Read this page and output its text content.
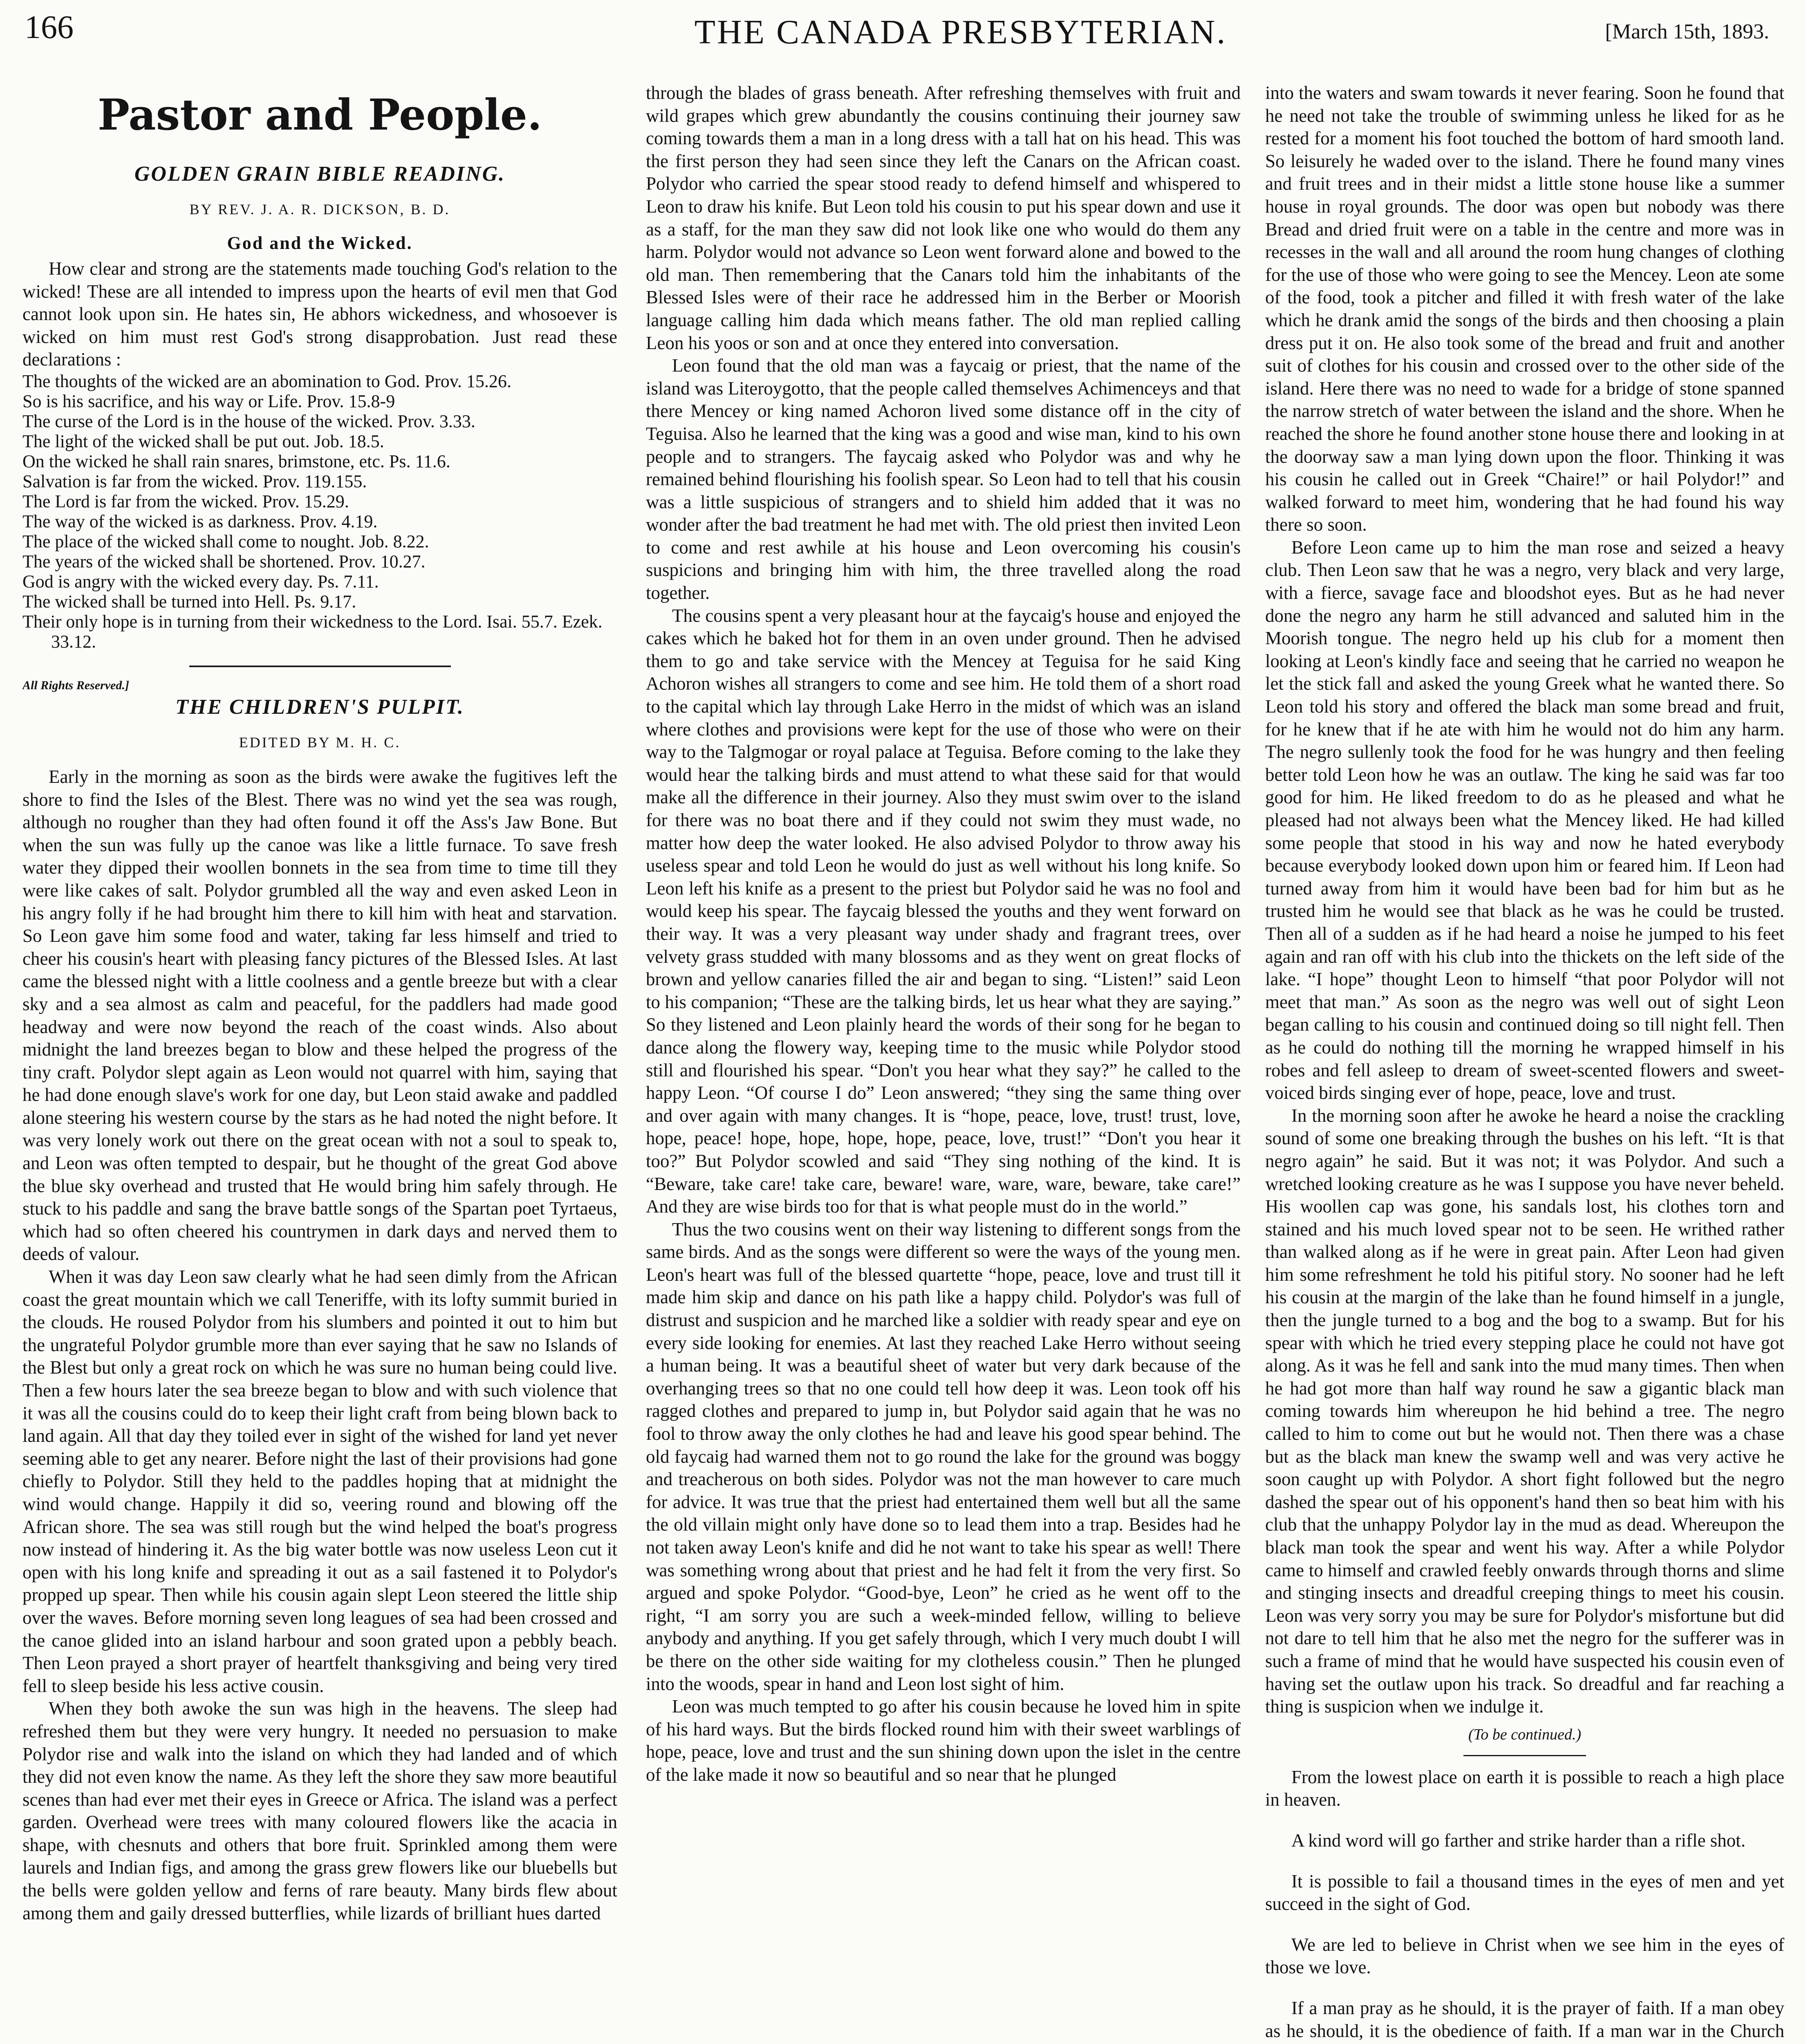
166	THE CANADA PRESBYTERIAN.	[March 15th, 1893.
Pastor and People.
GOLDEN GRAIN BIBLE READING.
BY REV. J. A. R. DICKSON, B. D.
God and the Wicked.

How clear and strong are the statements made touching God's relation to the wicked! These are all intended to impress upon the hearts of evil men that God cannot look upon sin. He hates sin, He abhors wickedness, and whosoever is wicked on him must rest God's strong disapprobation. Just read these declarations :

The thoughts of the wicked are an abomination to God. Prov. 15.26.
So is his sacrifice, and his way or Life. Prov. 15.8-9
The curse of the Lord is in the house of the wicked. Prov. 3.33.
The light of the wicked shall be put out. Job. 18.5.
On the wicked he shall rain snares, brimstone, etc. Ps. 11.6.
Salvation is far from the wicked. Prov. 119.155.
The Lord is far from the wicked. Prov. 15.29.
The way of the wicked is as darkness. Prov. 4.19.
The place of the wicked shall come to nought. Job. 8.22.
The years of the wicked shall be shortened. Prov. 10.27.
God is angry with the wicked every day. Ps. 7.11.
The wicked shall be turned into Hell. Ps. 9.17.
Their only hope is in turning from their wickedness to the Lord. Isai. 55.7. Ezek. 33.12.
All Rights Reserved.]
THE CHILDREN'S PULPIT.
EDITED BY M. H. C.

Early in the morning as soon as the birds were awake the fugitives left the shore to find the Isles of the Blest. There was no wind yet the sea was rough, although no rougher than they had often found it off the Ass's Jaw Bone. But when the sun was fully up the canoe was like a little furnace. To save fresh water they dipped their woollen bonnets in the sea from time to time till they were like cakes of salt. Polydor grumbled all the way and even asked Leon in his angry folly if he had brought him there to kill him with heat and starvation. So Leon gave him some food and water, taking far less himself and tried to cheer his cousin's heart with pleasing fancy pictures of the Blessed Isles. At last came the blessed night with a little coolness and a gentle breeze but with a clear sky and a sea almost as calm and peaceful, for the paddlers had made good headway and were now beyond the reach of the coast winds. Also about midnight the land breezes began to blow and these helped the progress of the tiny craft. Polydor slept again as Leon would not quarrel with him, saying that he had done enough slave's work for one day, but Leon staid awake and paddled alone steering his western course by the stars as he had noted the night before. It was very lonely work out there on the great ocean with not a soul to speak to, and Leon was often tempted to despair, but he thought of the great God above the blue sky overhead and trusted that He would bring him safely through. He stuck to his paddle and sang the brave battle songs of the Spartan poet Tyrtaeus, which had so often cheered his countrymen in dark days and nerved them to deeds of valour.

When it was day Leon saw clearly what he had seen dimly from the African coast the great mountain which we call Teneriffe, with its lofty summit buried in the clouds. He roused Polydor from his slumbers and pointed it out to him but the ungrateful Polydor grumble more than ever saying that he saw no Islands of the Blest but only a great rock on which he was sure no human being could live. Then a few hours later the sea breeze began to blow and with such violence that it was all the cousins could do to keep their light craft from being blown back to land again. All that day they toiled ever in sight of the wished for land yet never seeming able to get any nearer. Before night the last of their provisions had gone chiefly to Polydor. Still they held to the paddles hoping that at midnight the wind would change. Happily it did so, veering round and blowing off the African shore. The sea was still rough but the wind helped the boat's progress now instead of hindering it. As the big water bottle was now useless Leon cut it open with his long knife and spreading it out as a sail fastened it to Polydor's propped up spear. Then while his cousin again slept Leon steered the little ship over the waves. Before morning seven long leagues of sea had been crossed and the canoe glided into an island harbour and soon grated upon a pebbly beach. Then Leon prayed a short prayer of heartfelt thanksgiving and being very tired fell to sleep beside his less active cousin.

When they both awoke the sun was high in the heavens. The sleep had refreshed them but they were very hungry. It needed no persuasion to make Polydor rise and walk into the island on which they had landed and of which they did not even know the name. As they left the shore they saw more beautiful scenes than had ever met their eyes in Greece or Africa. The island was a perfect garden. Overhead were trees with many coloured flowers like the acacia in shape, with chesnuts and others that bore fruit. Sprinkled among them were laurels and Indian figs, and among the grass grew flowers like our bluebells but the bells were golden yellow and ferns of rare beauty. Many birds flew about among them and gaily dressed butterflies, while lizards of brilliant hues darted

through the blades of grass beneath. After refreshing themselves with fruit and wild grapes which grew abundantly the cousins continuing their journey saw coming towards them a man in a long dress with a tall hat on his head. This was the first person they had seen since they left the Canars on the African coast. Polydor who carried the spear stood ready to defend himself and whispered to Leon to draw his knife. But Leon told his cousin to put his spear down and use it as a staff, for the man they saw did not look like one who would do them any harm. Polydor would not advance so Leon went forward alone and bowed to the old man. Then remembering that the Canars told him the inhabitants of the Blessed Isles were of their race he addressed him in the Berber or Moorish language calling him dada which means father. The old man replied calling Leon his yoos or son and at once they entered into conversation.

Leon found that the old man was a faycaig or priest, that the name of the island was Literoygotto, that the people called themselves Achimenceys and that there Mencey or king named Achoron lived some distance off in the city of Teguisa. Also he learned that the king was a good and wise man, kind to his own people and to strangers. The faycaig asked who Polydor was and why he remained behind flourishing his foolish spear. So Leon had to tell that his cousin was a little suspicious of strangers and to shield him added that it was no wonder after the bad treatment he had met with. The old priest then invited Leon to come and rest awhile at his house and Leon overcoming his cousin's suspicions and bringing him with him, the three travelled along the road together.

The cousins spent a very pleasant hour at the faycaig's house and enjoyed the cakes which he baked hot for them in an oven under ground. Then he advised them to go and take service with the Mencey at Teguisa for he said King Achoron wishes all strangers to come and see him. He told them of a short road to the capital which lay through Lake Herro in the midst of which was an island where clothes and provisions were kept for the use of those who were on their way to the Talgmogar or royal palace at Teguisa. Before coming to the lake they would hear the talking birds and must attend to what these said for that would make all the difference in their journey. Also they must swim over to the island for there was no boat there and if they could not swim they must wade, no matter how deep the water looked. He also advised Polydor to throw away his useless spear and told Leon he would do just as well without his long knife. So Leon left his knife as a present to the priest but Polydor said he was no fool and would keep his spear. The faycaig blessed the youths and they went forward on their way. It was a very pleasant way under shady and fragrant trees, over velvety grass studded with many blossoms and as they went on great flocks of brown and yellow canaries filled the air and began to sing. “Listen!” said Leon to his companion; “These are the talking birds, let us hear what they are saying.” So they listened and Leon plainly heard the words of their song for he began to dance along the flowery way, keeping time to the music while Polydor stood still and flourished his spear. “Don't you hear what they say?” he called to the happy Leon. “Of course I do” Leon answered; “they sing the same thing over and over again with many changes. It is “hope, peace, love, trust! trust, love, hope, peace! hope, hope, hope, hope, peace, love, trust!” “Don't you hear it too?” But Polydor scowled and said “They sing nothing of the kind. It is “Beware, take care! take care, beware! ware, ware, ware, beware, take care!” And they are wise birds too for that is what people must do in the world.”

Thus the two cousins went on their way listening to different songs from the same birds. And as the songs were different so were the ways of the young men. Leon's heart was full of the blessed quartette “hope, peace, love and trust till it made him skip and dance on his path like a happy child. Polydor's was full of distrust and suspicion and he marched like a soldier with ready spear and eye on every side looking for enemies. At last they reached Lake Herro without seeing a human being. It was a beautiful sheet of water but very dark because of the overhanging trees so that no one could tell how deep it was. Leon took off his ragged clothes and prepared to jump in, but Polydor said again that he was no fool to throw away the only clothes he had and leave his good spear behind. The old faycaig had warned them not to go round the lake for the ground was boggy and treacherous on both sides. Polydor was not the man however to care much for advice. It was true that the priest had entertained them well but all the same the old villain might only have done so to lead them into a trap. Besides had he not taken away Leon's knife and did he not want to take his spear as well! There was something wrong about that priest and he had felt it from the very first. So argued and spoke Polydor. “Good-bye, Leon” he cried as he went off to the right, “I am sorry you are such a week-minded fellow, willing to believe anybody and anything. If you get safely through, which I very much doubt I will be there on the other side waiting for my clotheless cousin.” Then he plunged into the woods, spear in hand and Leon lost sight of him.

Leon was much tempted to go after his cousin because he loved him in spite of his hard ways. But the birds flocked round him with their sweet warblings of hope, peace, love and trust and the sun shining down upon the islet in the centre of the lake made it now so beautiful and so near that he plunged

into the waters and swam towards it never fearing. Soon he found that he need not take the trouble of swimming unless he liked for as he rested for a moment his foot touched the bottom of hard smooth land. So leisurely he waded over to the island. There he found many vines and fruit trees and in their midst a little stone house like a summer house in royal grounds. The door was open but nobody was there Bread and dried fruit were on a table in the centre and more was in recesses in the wall and all around the room hung changes of clothing for the use of those who were going to see the Mencey. Leon ate some of the food, took a pitcher and filled it with fresh water of the lake which he drank amid the songs of the birds and then choosing a plain dress put it on. He also took some of the bread and fruit and another suit of clothes for his cousin and crossed over to the other side of the island. Here there was no need to wade for a bridge of stone spanned the narrow stretch of water between the island and the shore. When he reached the shore he found another stone house there and looking in at the doorway saw a man lying down upon the floor. Thinking it was his cousin he called out in Greek “Chaire!” or hail Polydor!” and walked forward to meet him, wondering that he had found his way there so soon.

Before Leon came up to him the man rose and seized a heavy club. Then Leon saw that he was a negro, very black and very large, with a fierce, savage face and bloodshot eyes. But as he had never done the negro any harm he still advanced and saluted him in the Moorish tongue. The negro held up his club for a moment then looking at Leon's kindly face and seeing that he carried no weapon he let the stick fall and asked the young Greek what he wanted there. So Leon told his story and offered the black man some bread and fruit, for he knew that if he ate with him he would not do him any harm. The negro sullenly took the food for he was hungry and then feeling better told Leon how he was an outlaw. The king he said was far too good for him. He liked freedom to do as he pleased and what he pleased had not always been what the Mencey liked. He had killed some people that stood in his way and now he hated everybody because everybody looked down upon him or feared him. If Leon had turned away from him it would have been bad for him but as he trusted him he would see that black as he was he could be trusted. Then all of a sudden as if he had heard a noise he jumped to his feet again and ran off with his club into the thickets on the left side of the lake. “I hope” thought Leon to himself “that poor Polydor will not meet that man.” As soon as the negro was well out of sight Leon began calling to his cousin and continued doing so till night fell. Then as he could do nothing till the morning he wrapped himself in his robes and fell asleep to dream of sweet-scented flowers and sweet-voiced birds singing ever of hope, peace, love and trust.

In the morning soon after he awoke he heard a noise the crackling sound of some one breaking through the bushes on his left. “It is that negro again” he said. But it was not; it was Polydor. And such a wretched looking creature as he was I suppose you have never beheld. His woollen cap was gone, his sandals lost, his clothes torn and stained and his much loved spear not to be seen. He writhed rather than walked along as if he were in great pain. After Leon had given him some refreshment he told his pitiful story. No sooner had he left his cousin at the margin of the lake than he found himself in a jungle, then the jungle turned to a bog and the bog to a swamp. But for his spear with which he tried every stepping place he could not have got along. As it was he fell and sank into the mud many times. Then when he had got more than half way round he saw a gigantic black man coming towards him whereupon he hid behind a tree. The negro called to him to come out but he would not. Then there was a chase but as the black man knew the swamp well and was very active he soon caught up with Polydor. A short fight followed but the negro dashed the spear out of his opponent's hand then so beat him with his club that the unhappy Polydor lay in the mud as dead. Whereupon the black man took the spear and went his way. After a while Polydor came to himself and crawled feebly onwards through thorns and slime and stinging insects and dreadful creeping things to meet his cousin. Leon was very sorry you may be sure for Polydor's misfortune but did not dare to tell him that he also met the negro for the sufferer was in such a frame of mind that he would have suspected his cousin even of having set the outlaw upon his track. So dreadful and far reaching a thing is suspicion when we indulge it.

(To be continued.)

From the lowest place on earth it is possible to reach a high place in heaven.

A kind word will go farther and strike harder than a rifle shot.

It is possible to fail a thousand times in the eyes of men and yet succeed in the sight of God.

We are led to believe in Christ when we see him in the eyes of those we love.

If a man pray as he should, it is the prayer of faith. If a man obey as he should, it is the obedience of faith. If a man war in the Church
